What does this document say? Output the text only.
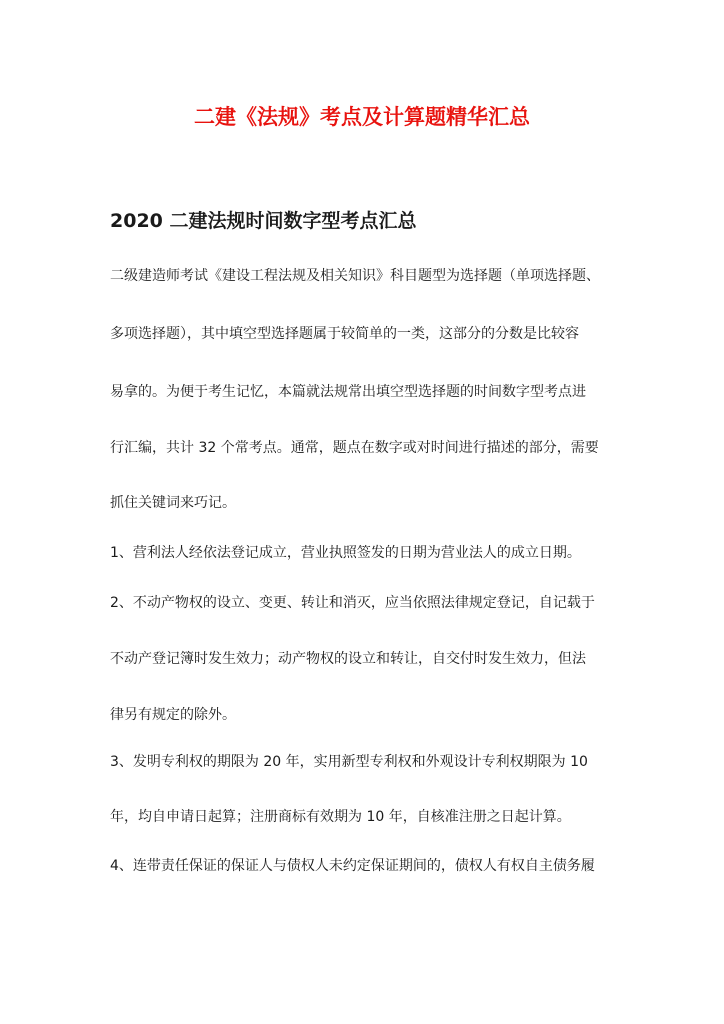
二建《法规》考点及计算题精华汇总
2020 二建法规时间数字型考点汇总

二级建造师考试《建设工程法规及相关知识》科目题型为选择题（单项选择题、

多项选择题），其中填空型选择题属于较简单的一类，这部分的分数是比较容

易拿的。为便于考生记忆，本篇就法规常出填空型选择题的时间数字型考点进

行汇编，共计 32 个常考点。通常，题点在数字或对时间进行描述的部分，需要

抓住关键词来巧记。

1、营利法人经依法登记成立，营业执照签发的日期为营业法人的成立日期。

2、不动产物权的设立、变更、转让和消灭，应当依照法律规定登记，自记载于

不动产登记簿时发生效力；动产物权的设立和转让，自交付时发生效力，但法

律另有规定的除外。

3、发明专利权的期限为 20 年，实用新型专利权和外观设计专利权期限为 10

年，均自申请日起算；注册商标有效期为 10 年，自核准注册之日起计算。

4、连带责任保证的保证人与债权人未约定保证期间的，债权人有权自主债务履
